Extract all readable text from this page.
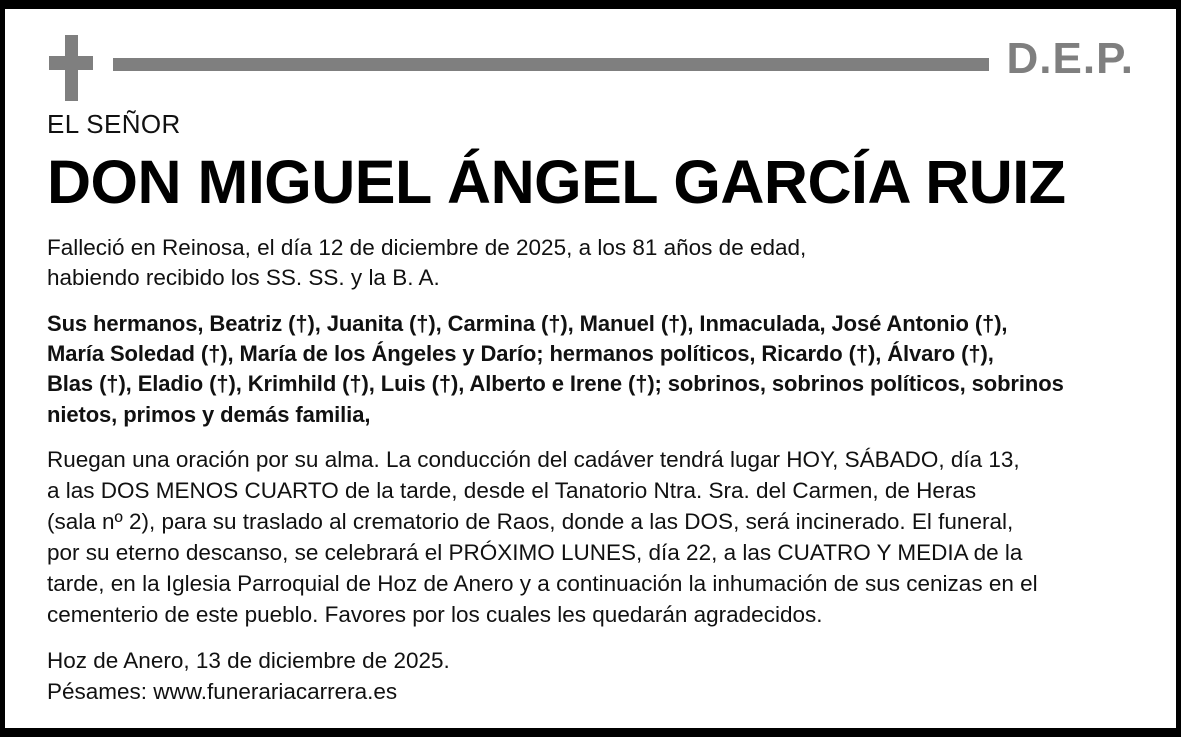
D.E.P.
EL SEÑOR
DON MIGUEL ÁNGEL GARCÍA RUIZ
Falleció en Reinosa, el día 12 de diciembre de 2025, a los 81 años de edad,
habiendo recibido los SS. SS. y la B. A.
Sus hermanos, Beatriz (†), Juanita (†), Carmina (†), Manuel (†), Inmaculada, José Antonio (†),
María Soledad (†), María de los Ángeles y Darío; hermanos políticos, Ricardo (†), Álvaro (†),
Blas (†), Eladio (†), Krimhild (†), Luis (†), Alberto e Irene (†); sobrinos, sobrinos políticos, sobrinos
nietos, primos y demás familia,
Ruegan una oración por su alma. La conducción del cadáver tendrá lugar HOY, SÁBADO, día 13,
a las DOS MENOS CUARTO de la tarde, desde el Tanatorio Ntra. Sra. del Carmen, de Heras
(sala nº 2), para su traslado al crematorio de Raos, donde a las DOS, será incinerado. El funeral,
por su eterno descanso, se celebrará el PRÓXIMO LUNES, día 22, a las CUATRO Y MEDIA de la
tarde, en la Iglesia Parroquial de Hoz de Anero y a continuación la inhumación de sus cenizas en el
cementerio de este pueblo. Favores por los cuales les quedarán agradecidos.
Hoz de Anero, 13 de diciembre de 2025.
Pésames: www.funerariacarrera.es
